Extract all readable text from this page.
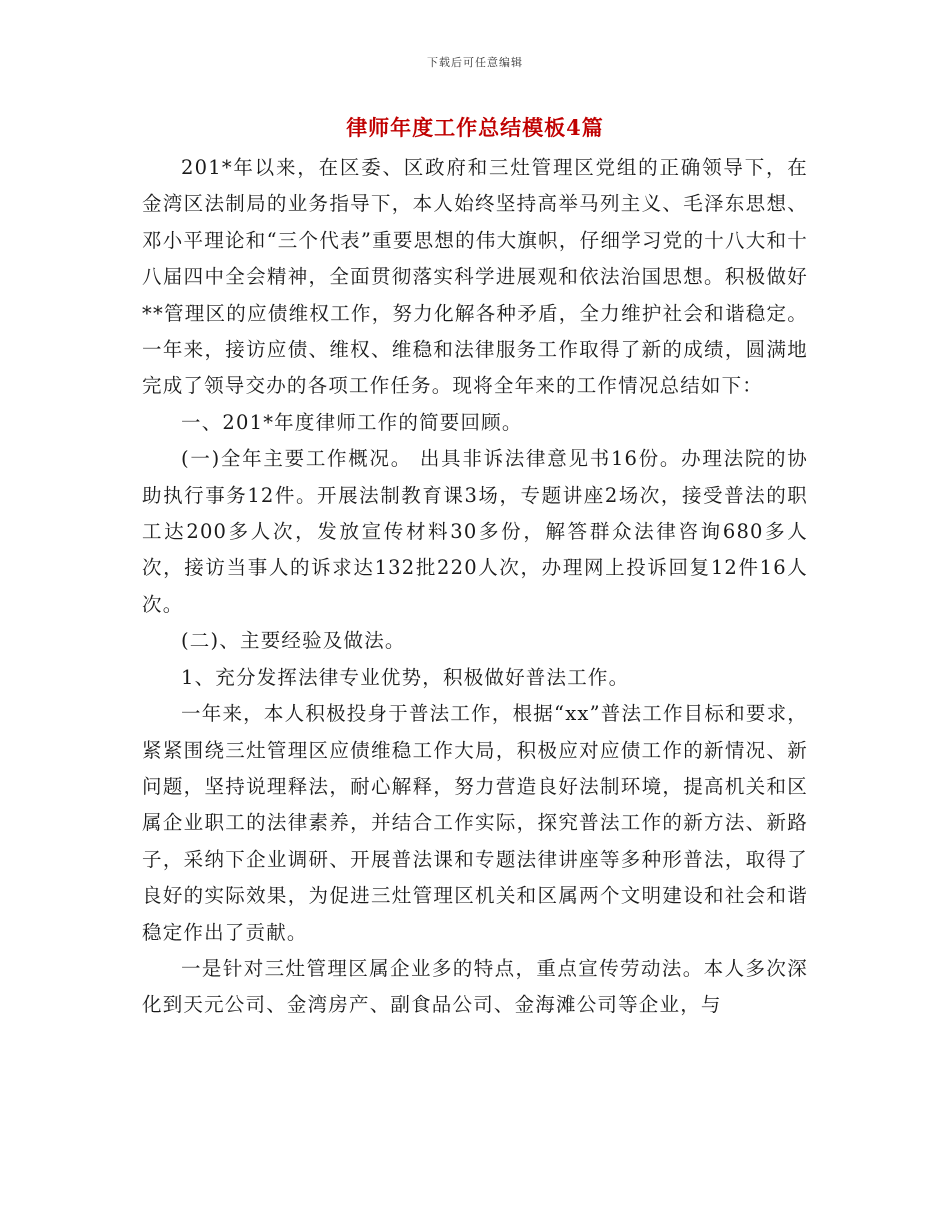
下载后可任意编辑
律师年度工作总结模板4篇

201*年以来，在区委、区政府和三灶管理区党组的正确领导下，在金湾区法制局的业务指导下，本人始终坚持高举马列主义、毛泽东思想、邓小平理论和“三个代表”重要思想的伟大旗帜，仔细学习党的十八大和十八届四中全会精神，全面贯彻落实科学进展观和依法治国思想。积极做好**管理区的应债维权工作，努力化解各种矛盾，全力维护社会和谐稳定。一年来，接访应债、维权、维稳和法律服务工作取得了新的成绩，圆满地完成了领导交办的各项工作任务。现将全年来的工作情况总结如下：

一、201*年度律师工作的简要回顾。

(一)全年主要工作概况。 出具非诉法律意见书16份。办理法院的协助执行事务12件。开展法制教育课3场，专题讲座2场次，接受普法的职工达200多人次，发放宣传材料30多份，解答群众法律咨询680多人次，接访当事人的诉求达132批220人次，办理网上投诉回复12件16人次。

(二)、主要经验及做法。

1、充分发挥法律专业优势，积极做好普法工作。

一年来，本人积极投身于普法工作，根据“xx”普法工作目标和要求，紧紧围绕三灶管理区应债维稳工作大局，积极应对应债工作的新情况、新问题，坚持说理释法，耐心解释，努力营造良好法制环境，提高机关和区属企业职工的法律素养，并结合工作实际，探究普法工作的新方法、新路子，采纳下企业调研、开展普法课和专题法律讲座等多种形普法，取得了良好的实际效果，为促进三灶管理区机关和区属两个文明建设和社会和谐稳定作出了贡献。

一是针对三灶管理区属企业多的特点，重点宣传劳动法。本人多次深化到天元公司、金湾房产、副食品公司、金海滩公司等企业，与
